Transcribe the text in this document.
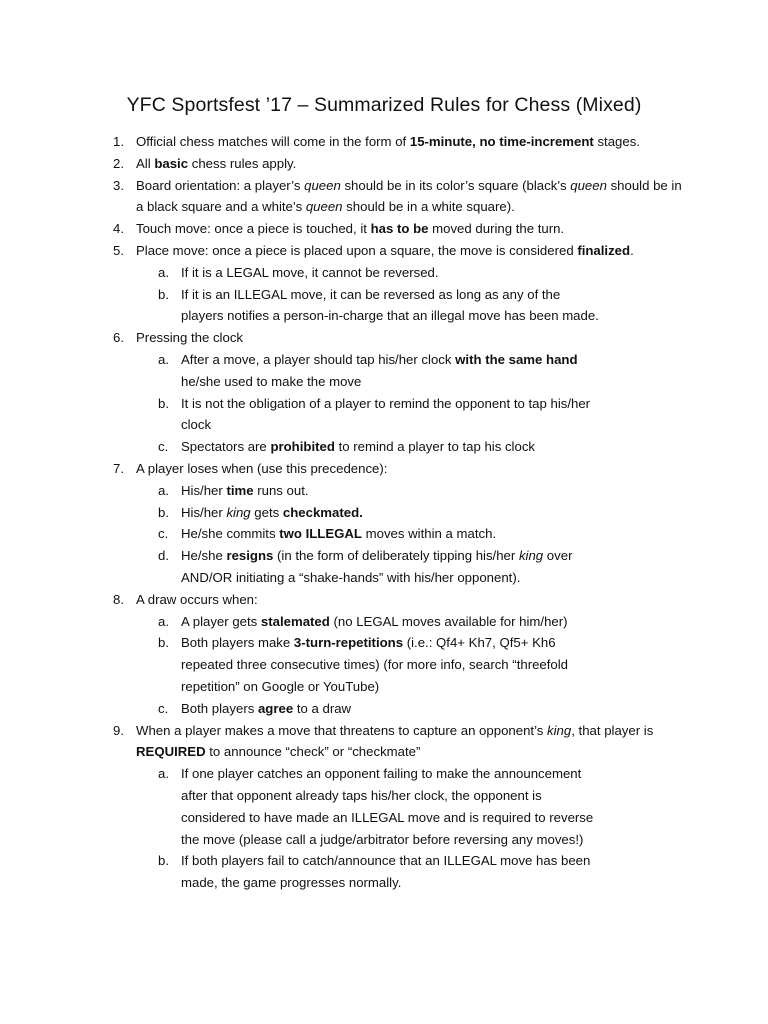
YFC Sportsfest ’17 – Summarized Rules for Chess (Mixed)
1. Official chess matches will come in the form of 15-minute, no time-increment stages.
2. All basic chess rules apply.
3. Board orientation: a player’s queen should be in its color’s square (black’s queen should be in a black square and a white’s queen should be in a white square).
4. Touch move: once a piece is touched, it has to be moved during the turn.
5. Place move: once a piece is placed upon a square, the move is considered finalized.
a. If it is a LEGAL move, it cannot be reversed.
b. If it is an ILLEGAL move, it can be reversed as long as any of the players notifies a person-in-charge that an illegal move has been made.
6. Pressing the clock
a. After a move, a player should tap his/her clock with the same hand he/she used to make the move
b. It is not the obligation of a player to remind the opponent to tap his/her clock
c. Spectators are prohibited to remind a player to tap his clock
7. A player loses when (use this precedence):
a. His/her time runs out.
b. His/her king gets checkmated.
c. He/she commits two ILLEGAL moves within a match.
d. He/she resigns (in the form of deliberately tipping his/her king over AND/OR initiating a “shake-hands” with his/her opponent).
8. A draw occurs when:
a. A player gets stalemated (no LEGAL moves available for him/her)
b. Both players make 3-turn-repetitions (i.e.: Qf4+ Kh7, Qf5+ Kh6 repeated three consecutive times) (for more info, search “threefold repetition” on Google or YouTube)
c. Both players agree to a draw
9. When a player makes a move that threatens to capture an opponent’s king, that player is REQUIRED to announce “check” or “checkmate”
a. If one player catches an opponent failing to make the announcement after that opponent already taps his/her clock, the opponent is considered to have made an ILLEGAL move and is required to reverse the move (please call a judge/arbitrator before reversing any moves!)
b. If both players fail to catch/announce that an ILLEGAL move has been made, the game progresses normally.
